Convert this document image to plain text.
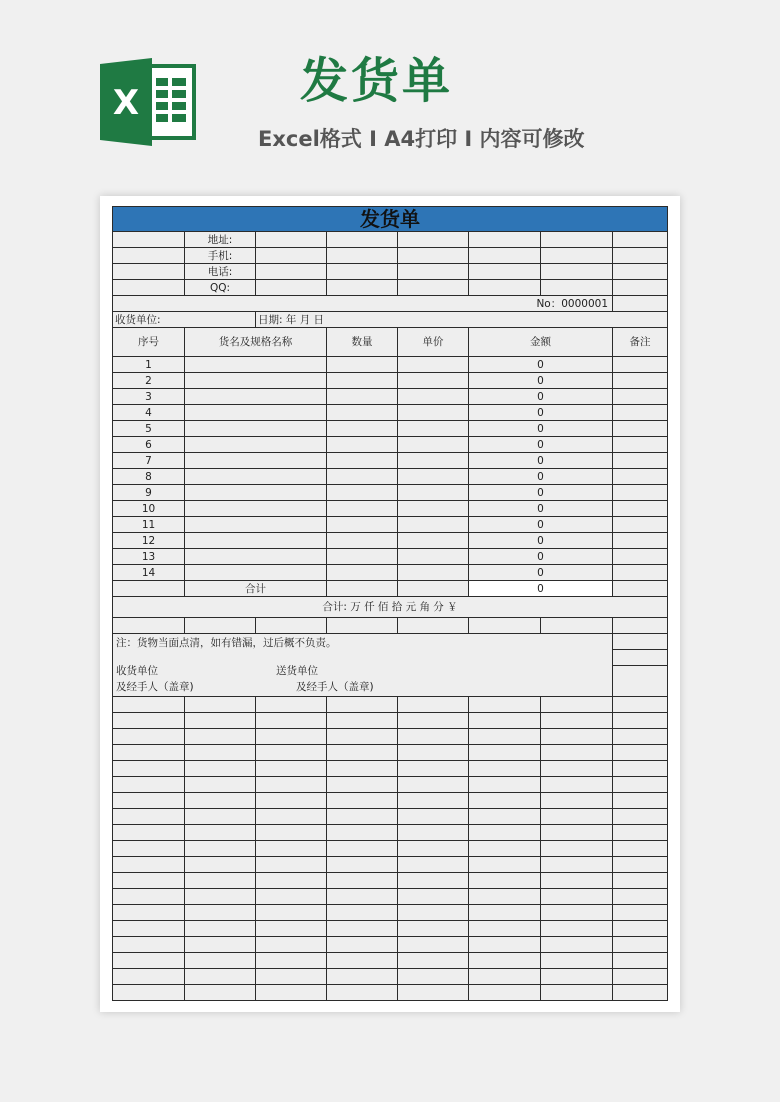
X	发货单
Excel格式 I A4打印 I 内容可修改
发货单							
	地址:						
	手机:						
	电话:						
	QQ:						
No：0000001							
收货单位:		日期: 年 月 日					
序号	货名及规格名称		数量	单价	金额		备注
1					0		
2					0		
3					0		
4					0		
5					0		
6					0		
7					0		
8					0		
9					0		
10					0		
11					0		
12					0		
13					0		
14					0		
	合计				0		
合计: 万 仟 佰 拾 元 角 分 ￥							

注：货物当面点清，如有错漏，过后概不负责。
收货单位 送货单位
及经手人（盖章) 及经手人（盖章)							
